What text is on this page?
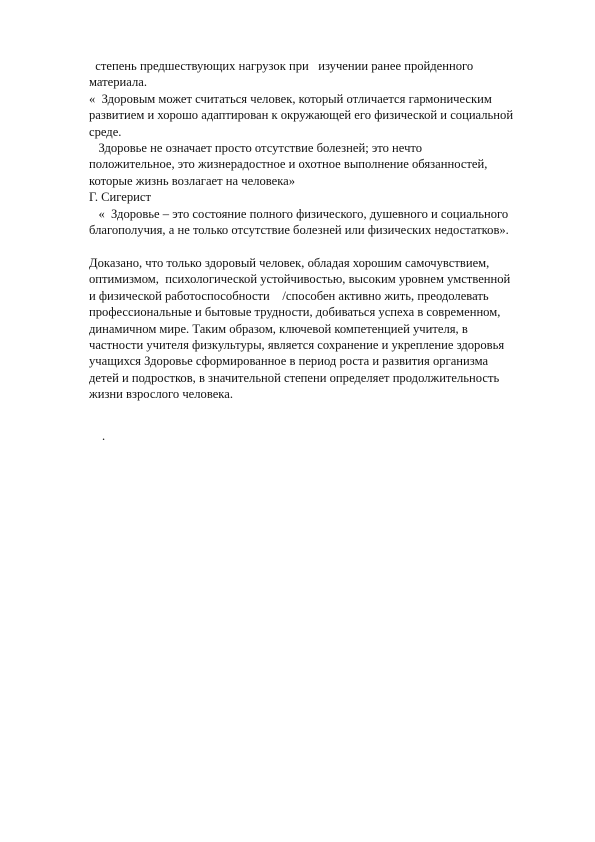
степень предшествующих нагрузок при   изучении ранее пройденного
материала.
«  Здоровым может считаться человек, который отличается гармоническим
развитием и хорошо адаптирован к окружающей его физической и социальной
среде.
Здоровье не означает просто отсутствие болезней; это нечто
положительное, это жизнерадостное и охотное выполнение обязанностей,
которые жизнь возлагает на человека»
Г. Сигерист
«  Здоровье – это состояние полного физического, душевного и социального
благополучия, а не только отсутствие болезней или физических недостатков».
Доказано, что только здоровый человек, обладая хорошим самочувствием,
оптимизмом,  психологической устойчивостью, высоким уровнем умственной
и физической работоспособности    /способен активно жить, преодолевать
профессиональные и бытовые трудности, добиваться успеха в современном,
динамичном мире. Таким образом, ключевой компетенцией учителя, в
частности учителя физкультуры, является сохранение и укрепление здоровья
учащихся Здоровье сформированное в период роста и развития организма
детей и подростков, в значительной степени определяет продолжительность
жизни взрослого человека.
.
